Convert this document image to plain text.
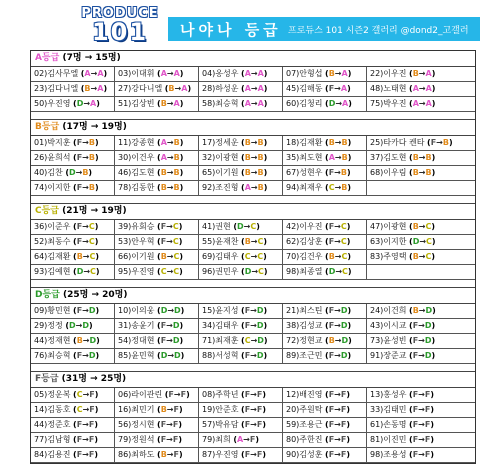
PRODUCE
101	나야나 등급 프로듀스 101 시즌2 갤러리 @dond2_고갤러
A등급 (7명 → 15명)
02)김사무엘 (A→A)	03)이대휘 (A→A)	04)옹성우 (A→A)	07)안형섭 (B→A)	22)이우진 (B→A)
23)김다니엘 (B→A)	27)강다니엘 (B→A)	28)하성운 (A→A)	45)김해동 (F→A)	48)노태현 (A→A)
50)우진영 (D→A)	51)김상빈 (B→A)	58)최승혁 (A→A)	60)김청리 (D→A)	75)박우진 (A→A)
B등급 (17명 → 19명)
01)박지훈 (F→B)	11)강종현 (A→B)	17)정세운 (B→B)	18)김재환 (B→B)	25)타카다 켄타 (F→B)
26)윤희석 (F→B)	30)이건우 (A→B)	32)이광현 (B→B)	35)최도현 (A→B)	37)김도현 (B→B)
40)김찬 (D→B)	46)김도현 (B→B)	65)이기원 (B→B)	67)성현우 (F→B)	68)이우림 (B→B)
74)이지한 (F→B)	78)김동한 (B→B)	92)조진형 (A→B)	94)최재우 (C→B)
C등급 (21명 → 19명)
36)이준우 (F→C)	39)유회승 (F→C)	41)권현 (D→C)	42)이우진 (F→C)	47)이광현 (B→C)
52)최동수 (F→C)	53)안우혁 (F→C)	55)윤재찬 (B→C)	62)김상훈 (F→C)	63)이지한 (D→C)
64)김재환 (B→C)	66)이기원 (B→C)	69)김태우 (C→C)	70)김건우 (B→C)	83)주영택 (B→C)
93)김예현 (D→C)	95)우진영 (C→C)	96)권민우 (D→C)	98)최종열 (D→C)
D등급 (25명 → 20명)
09)황민현 (F→D)	10)이의웅 (D→D)	15)윤지성 (F→D)	21)최스틴 (F→D)	24)이건희 (B→D)
29)정정 (D→D)	31)송윤기 (F→D)	34)김태우 (F→D)	38)김성교 (F→D)	43)이시교 (F→D)
44)정재현 (B→D)	54)정대현 (F→D)	71)최재훈 (C→D)	72)정현교 (B→D)	73)윤성빈 (F→D)
76)최승혁 (F→D)	85)윤민혁 (D→D)	88)서성혁 (F→D)	89)조근민 (F→D)	91)장준교 (F→D)
F등급 (31명 → 25명)
05)정운복 (C→F)	06)라이관린 (F→F)	08)주학년 (F→F)	12)배진영 (F→F)	13)홍성우 (F→F)
14)김동호 (C→F)	16)최민기 (B→F)	19)안준호 (F→F)	20)주원탁 (F→F)	33)김태민 (F→F)
44)정준호 (F→F)	56)정시현 (F→F)	57)박유담 (F→F)	59)조용근 (F→F)	61)손동명 (F→F)
77)김남형 (F→F)	79)정원석 (F→F)	79)최희 (A→F)	80)주한진 (F→F)	81)이진민 (F→F)
84)김용진 (F→F)	86)최하도 (B→F)	87)우진영 (F→F)	90)김성훈 (F→F)	98)조용성 (F→F)
